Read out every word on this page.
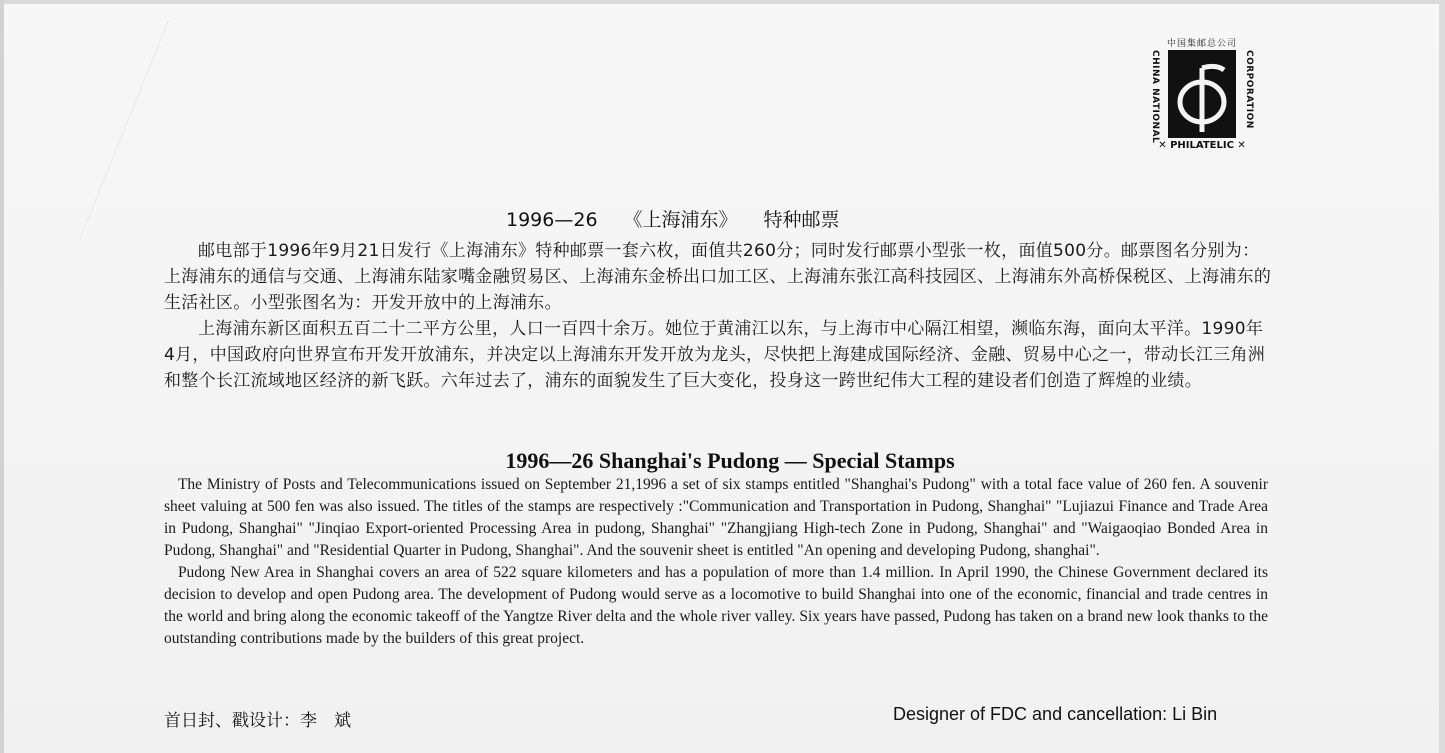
中国集邮总公司
CHINA NATIONAL	CORPORATION
✕ PHILATELIC ✕
1996—26 《上海浦东》 特种邮票

邮电部于1996年9月21日发行《上海浦东》特种邮票一套六枚，面值共260分；同时发行邮票小型张一枚，面值500分。邮票图名分别为：上海浦东的通信与交通、上海浦东陆家嘴金融贸易区、上海浦东金桥出口加工区、上海浦东张江高科技园区、上海浦东外高桥保税区、上海浦东的生活社区。小型张图名为：开发开放中的上海浦东。

上海浦东新区面积五百二十二平方公里，人口一百四十余万。她位于黄浦江以东，与上海市中心隔江相望，濒临东海，面向太平洋。1990年4月，中国政府向世界宣布开发开放浦东，并决定以上海浦东开发开放为龙头，尽快把上海建成国际经济、金融、贸易中心之一，带动长江三角洲和整个长江流域地区经济的新飞跃。六年过去了，浦东的面貌发生了巨大变化，投身这一跨世纪伟大工程的建设者们创造了辉煌的业绩。

1996—26 Shanghai's Pudong — Special Stamps

The Ministry of Posts and Telecommunications issued on September 21,1996 a set of six stamps entitled "Shanghai's Pudong" with a total face value of 260 fen. A souvenir sheet valuing at 500 fen was also issued. The titles of the stamps are respectively :"Communication and Transportation in Pudong, Shanghai" "Lujiazui Finance and Trade Area in Pudong, Shanghai" "Jinqiao Export-oriented Processing Area in pudong, Shanghai" "Zhangjiang High-tech Zone in Pudong, Shanghai" and "Waigaoqiao Bonded Area in Pudong, Shanghai" and "Residential Quarter in Pudong, Shanghai". And the souvenir sheet is entitled "An opening and developing Pudong, shanghai".

Pudong New Area in Shanghai covers an area of 522 square kilometers and has a population of more than 1.4 million. In April 1990, the Chinese Government declared its decision to develop and open Pudong area. The development of Pudong would serve as a locomotive to build Shanghai into one of the economic, financial and trade centres in the world and bring along the economic takeoff of the Yangtze River delta and the whole river valley. Six years have passed, Pudong has taken on a brand new look thanks to the outstanding contributions made by the builders of this great project.

首日封、戳设计：李　斌	Designer of FDC and cancellation: Li Bin
